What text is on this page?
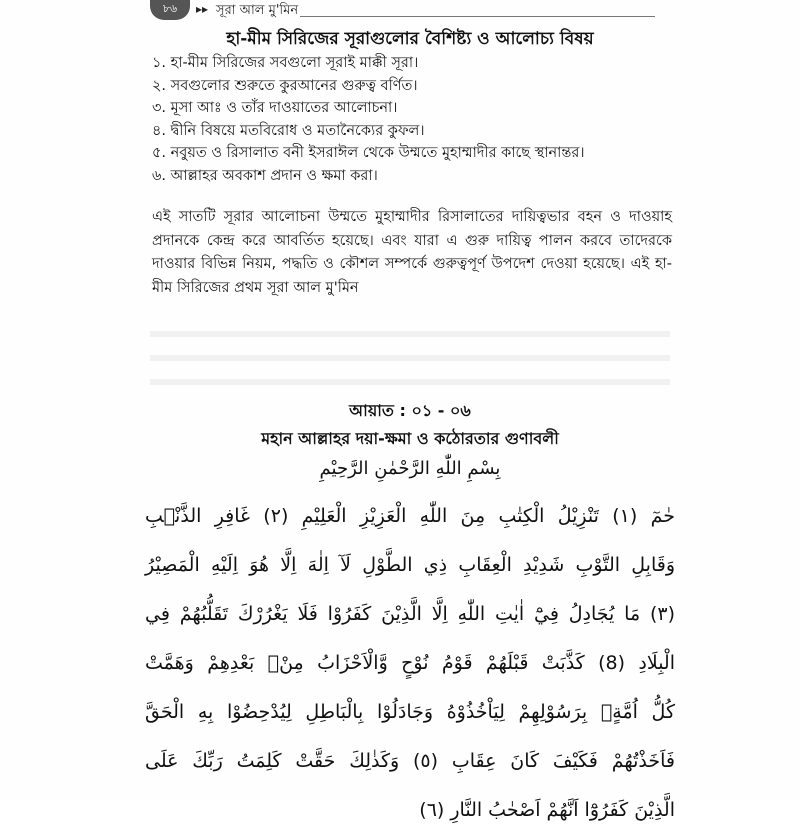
৮৬	▸▸ সূরা আল মু'মিন
হা-মীম সিরিজের সূরাগুলোর বৈশিষ্ট্য ও আলোচ্য বিষয়
১. হা-মীম সিরিজের সবগুলো সূরাই মাক্কী সূরা।
২. সবগুলোর শুরুতে কুরআনের গুরুত্ব বর্ণিত।
৩. মূসা আঃ ও তাঁর দাওয়াতের আলোচনা।
৪. দ্বীনি বিষয়ে মতবিরোধ ও মতানৈক্যের কুফল।
৫. নবুয়ত ও রিসালাত বনী ইসরাঈল থেকে উম্মতে মুহাম্মাদীর কাছে স্থানান্তর।
৬. আল্লাহর অবকাশ প্রদান ও ক্ষমা করা।
এই সাতটি সূরার আলোচনা উম্মতে মুহাম্মাদীর রিসালাতের দায়িত্বভার বহন ও দাওয়াহ প্রদানকে কেন্দ্র করে আবর্তিত হয়েছে। এবং যারা এ গুরু দায়িত্ব পালন করবে তাদেরকে দাওয়ার বিভিন্ন নিয়ম, পদ্ধতি ও কৌশল সম্পর্কে গুরুত্বপূর্ণ উপদেশ দেওয়া হয়েছে। এই হা-মীম সিরিজের প্রথম সূরা আল মু'মিন
আয়াত : ০১ - ০৬
মহান আল্লাহর দয়া-ক্ষমা ও কঠোরতার গুণাবলী
بِسْمِ اللّٰهِ الرَّحْمٰنِ الرَّحِيْمِ
حٰمٓ (١) تَنْزِيْلُ الْكِتٰبِ مِنَ اللّٰهِ الْعَزِيْزِ الْعَلِيْمِ (٢) غَافِرِ الذَّنْۢبِ
وَقَابِلِ التَّوْبِ شَدِيْدِ الْعِقَابِ ذِي الطَّوْلِ لَآ اِلٰهَ اِلَّا هُوَ اِلَيْهِ الْمَصِيْرُ
(٣) مَا يُجَادِلُ فِيْٓ اٰيٰتِ اللّٰهِ اِلَّا الَّذِيْنَ كَفَرُوْا فَلَا يَغْرُرْكَ تَقَلُّبُهُمْ فِي
الْبِلَادِ (8) كَذَّبَتْ قَبْلَهُمْ قَوْمُ نُوْحٍ وَّالْاَحْزَابُ مِنْۢ بَعْدِهِمْ وَهَمَّتْ
كُلُّ اُمَّةٍۢ بِرَسُوْلِهِمْ لِيَاْخُذُوْهُ وَجَادَلُوْا بِالْبَاطِلِ لِيُدْحِضُوْا بِهِ الْحَقَّ
فَاَخَذْتُهُمْ فَكَيْفَ كَانَ عِقَابِ (٥) وَكَذٰلِكَ حَقَّتْ كَلِمَتُ رَبِّكَ عَلَى
الَّذِيْنَ كَفَرُوْٓا اَنَّهُمْ اَصْحٰبُ النَّارِ (٦)
